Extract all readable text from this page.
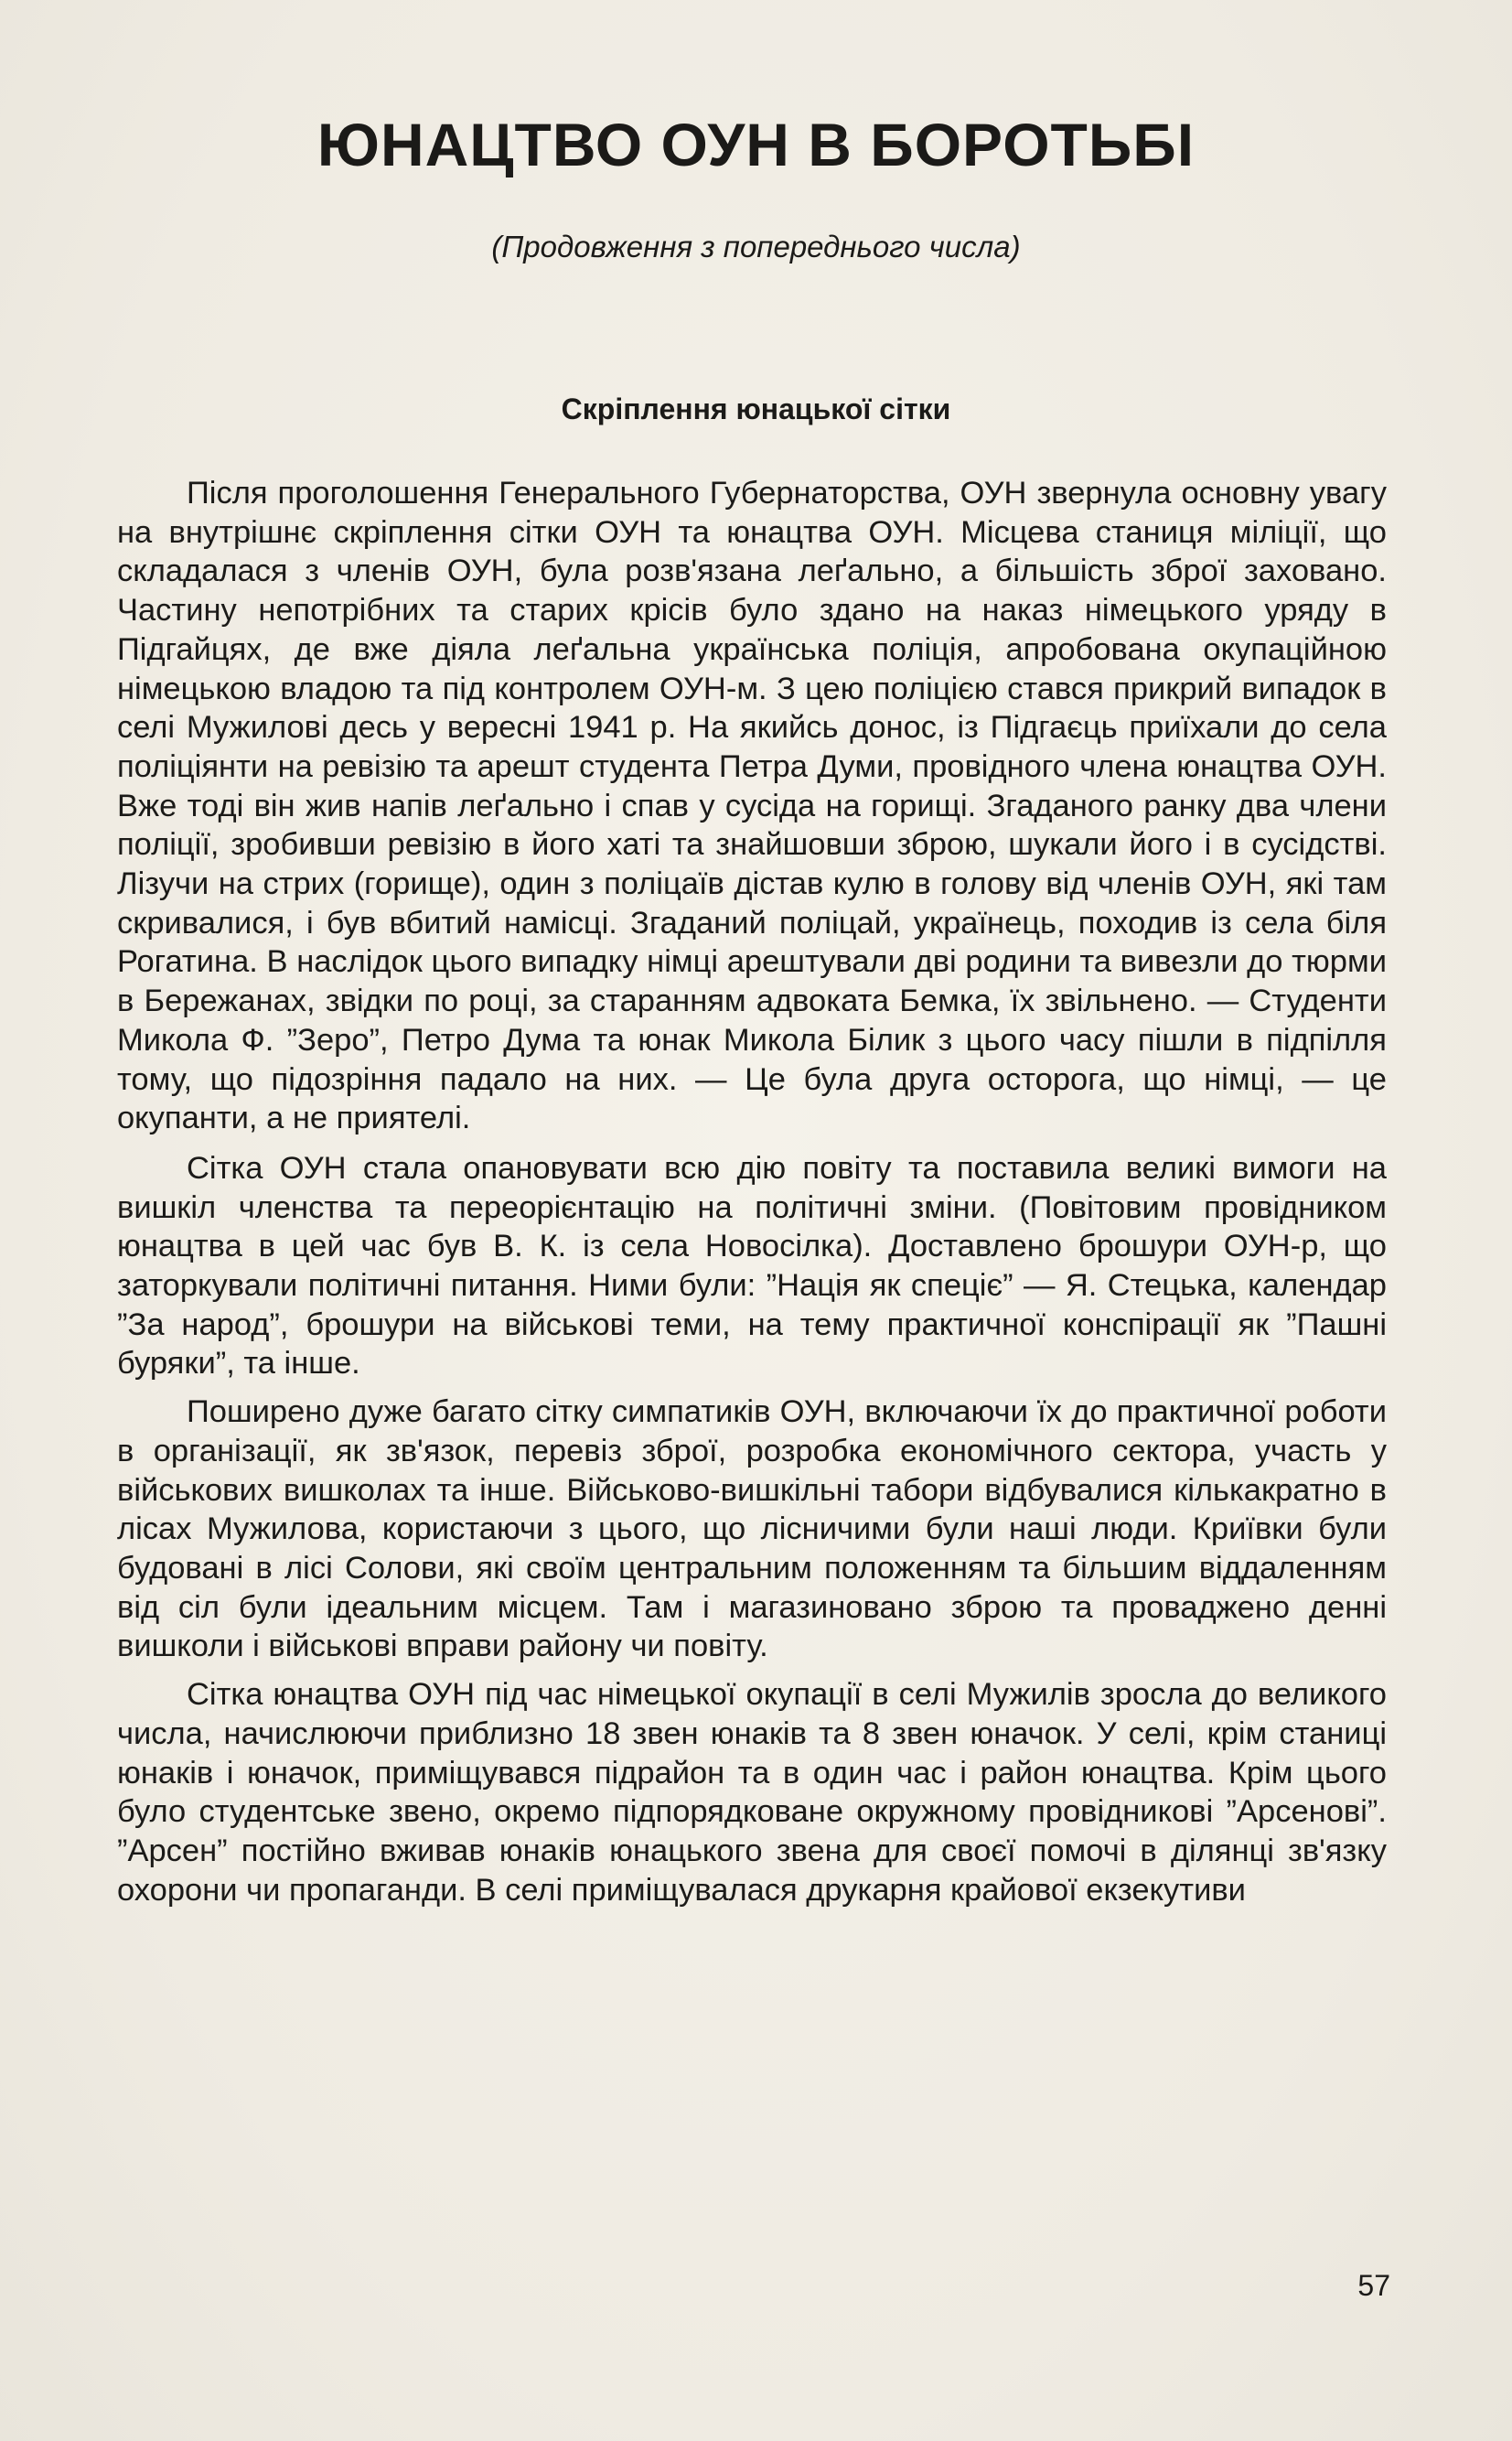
ЮНАЦТВО ОУН В БОРОТЬБІ
(Продовження з попереднього числа)
Скріплення юнацької сітки

Після проголошення Генерального Губернаторства, ОУН звернула основну увагу на внутрішнє скріплення сітки ОУН та юнацтва ОУН. Місцева станиця міліції, що складалася з членів ОУН, була розв'язана леґально, а більшість зброї заховано. Частину непотрібних та старих крісів було здано на наказ німецького уряду в Підгайцях, де вже діяла леґальна українська поліція, апробована окупаційною німецькою владою та під контролем ОУН-м. З цею поліцією стався прикрий випадок в селі Мужилові десь у вересні 1941 р. На якийсь донос, із Підгаєць приїхали до села поліціянти на ревізію та арешт студента Петра Думи, провідного члена юнацтва ОУН. Вже тоді він жив напів леґально і спав у сусіда на горищі. Згаданого ранку два члени поліції, зробивши ревізію в його хаті та знайшовши зброю, шукали його і в сусідстві. Лізучи на стрих (горище), один з поліцаїв дістав кулю в голову від членів ОУН, які там скривалися, і був вбитий намісці. Згаданий поліцай, українець, походив із села біля Рогатина. В наслідок цього випадку німці арештували дві родини та вивезли до тюрми в Бережанах, звідки по році, за старанням адвоката Бемка, їх звільнено. — Студенти Микола Ф. ”Зеро”, Петро Дума та юнак Микола Білик з цього часу пішли в підпілля тому, що підозріння падало на них. — Це була друга осторога, що німці, — це окупанти, а не приятелі.

Сітка ОУН стала опановувати всю дію повіту та поставила великі вимоги на вишкіл членства та переорієнтацію на політичні зміни. (Повітовим провідником юнацтва в цей час був В. К. із села Новосілка). Доставлено брошури ОУН-р, що заторкували політичні питання. Ними були: ”Нація як спеціє” — Я. Стецька, календар ”За народ”, брошури на військові теми, на тему практичної конспірації як ”Пашні буряки”, та інше.

Поширено дуже багато сітку симпатиків ОУН, включаючи їх до практичної роботи в організації, як зв'язок, перевіз зброї, розробка економічного сектора, участь у військових вишколах та інше. Військово-вишкільні табори відбувалися кількакратно в лісах Мужилова, користаючи з цього, що лісничими були наші люди. Криївки були будовані в лісі Солови, які своїм центральним положенням та більшим віддаленням від сіл були ідеальним місцем. Там і магазиновано зброю та проваджено денні вишколи і військові вправи району чи повіту.

Сітка юнацтва ОУН під час німецької окупації в селі Мужилів зросла до великого числа, начислюючи приблизно 18 звен юнаків та 8 звен юначок. У селі, крім станиці юнаків і юначок, приміщувався підрайон та в один час і район юнацтва. Крім цього було студентське звено, окремо підпорядковане окружному провідникові ”Арсенові”. ”Арсен” постійно вживав юнаків юнацького звена для своєї помочі в ділянці зв'язку охорони чи пропаганди. В селі приміщувалася друкарня крайової екзекутиви

57
